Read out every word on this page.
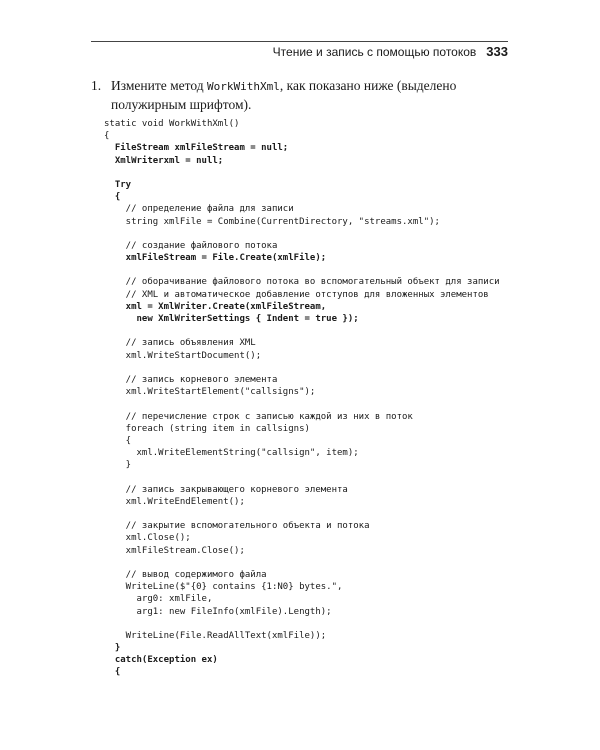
Чтение и запись с помощью потоков 333
1. Измените метод WorkWithXml, как показано ниже (выделено полужирным шрифтом).
static void WorkWithXml()
{
FileStream xmlFileStream = null;
XmlWriterxml = null;
Try
{
// определение файла для записи
string xmlFile = Combine(CurrentDirectory, "streams.xml");
// создание файлового потока
xmlFileStream = File.Create(xmlFile);
// оборачивание файлового потока во вспомогательный объект для записи
// XML и автоматическое добавление отступов для вложенных элементов
xml = XmlWriter.Create(xmlFileStream,
new XmlWriterSettings { Indent = true });
// запись объявления XML
xml.WriteStartDocument();
// запись корневого элемента
xml.WriteStartElement("callsigns");
// перечисление строк с записью каждой из них в поток
foreach (string item in callsigns)
{
xml.WriteElementString("callsign", item);
}
// запись закрывающего корневого элемента
xml.WriteEndElement();
// закрытие вспомогательного объекта и потока
xml.Close();
xmlFileStream.Close();
// вывод содержимого файла
WriteLine($"{0} contains {1:N0} bytes.",
arg0: xmlFile,
arg1: new FileInfo(xmlFile).Length);
WriteLine(File.ReadAllText(xmlFile));
}
catch(Exception ex)
{
